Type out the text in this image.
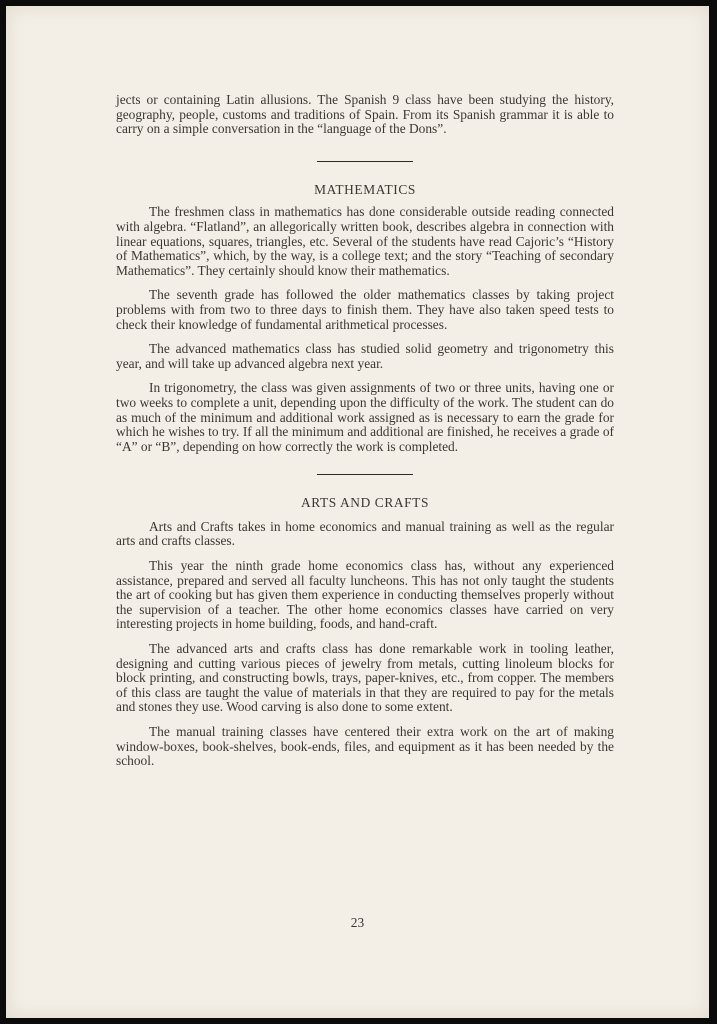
jects or containing Latin allusions. The Spanish 9 class have been studying the history, geography, people, customs and traditions of Spain. From its Spanish grammar it is able to carry on a simple conversation in the “language of the Dons”.

MATHEMATICS

The freshmen class in mathematics has done considerable outside reading connected with algebra. “Flatland”, an allegorically written book, describes algebra in connection with linear equations, squares, triangles, etc. Several of the students have read Cajoric’s “History of Mathematics”, which, by the way, is a college text; and the story “Teaching of secondary Mathematics”. They certainly should know their mathematics.

The seventh grade has followed the older mathematics classes by taking project problems with from two to three days to finish them. They have also taken speed tests to check their knowledge of fundamental arithmetical processes.

The advanced mathematics class has studied solid geometry and trigonometry this year, and will take up advanced algebra next year.

In trigonometry, the class was given assignments of two or three units, having one or two weeks to complete a unit, depending upon the difficulty of the work. The student can do as much of the minimum and additional work assigned as is necessary to earn the grade for which he wishes to try. If all the minimum and additional are finished, he receives a grade of “A” or “B”, depending on how correctly the work is completed.

ARTS AND CRAFTS

Arts and Crafts takes in home economics and manual training as well as the regular arts and crafts classes.

This year the ninth grade home economics class has, without any experienced assistance, prepared and served all faculty luncheons. This has not only taught the students the art of cooking but has given them experience in conducting themselves properly without the supervision of a teacher. The other home economics classes have carried on very interesting projects in home building, foods, and hand-craft.

The advanced arts and crafts class has done remarkable work in tooling leather, designing and cutting various pieces of jewelry from metals, cutting linoleum blocks for block printing, and constructing bowls, trays, paper-knives, etc., from copper. The members of this class are taught the value of materials in that they are required to pay for the metals and stones they use. Wood carving is also done to some extent.

The manual training classes have centered their extra work on the art of making window-boxes, book-shelves, book-ends, files, and equipment as it has been needed by the school.

23
